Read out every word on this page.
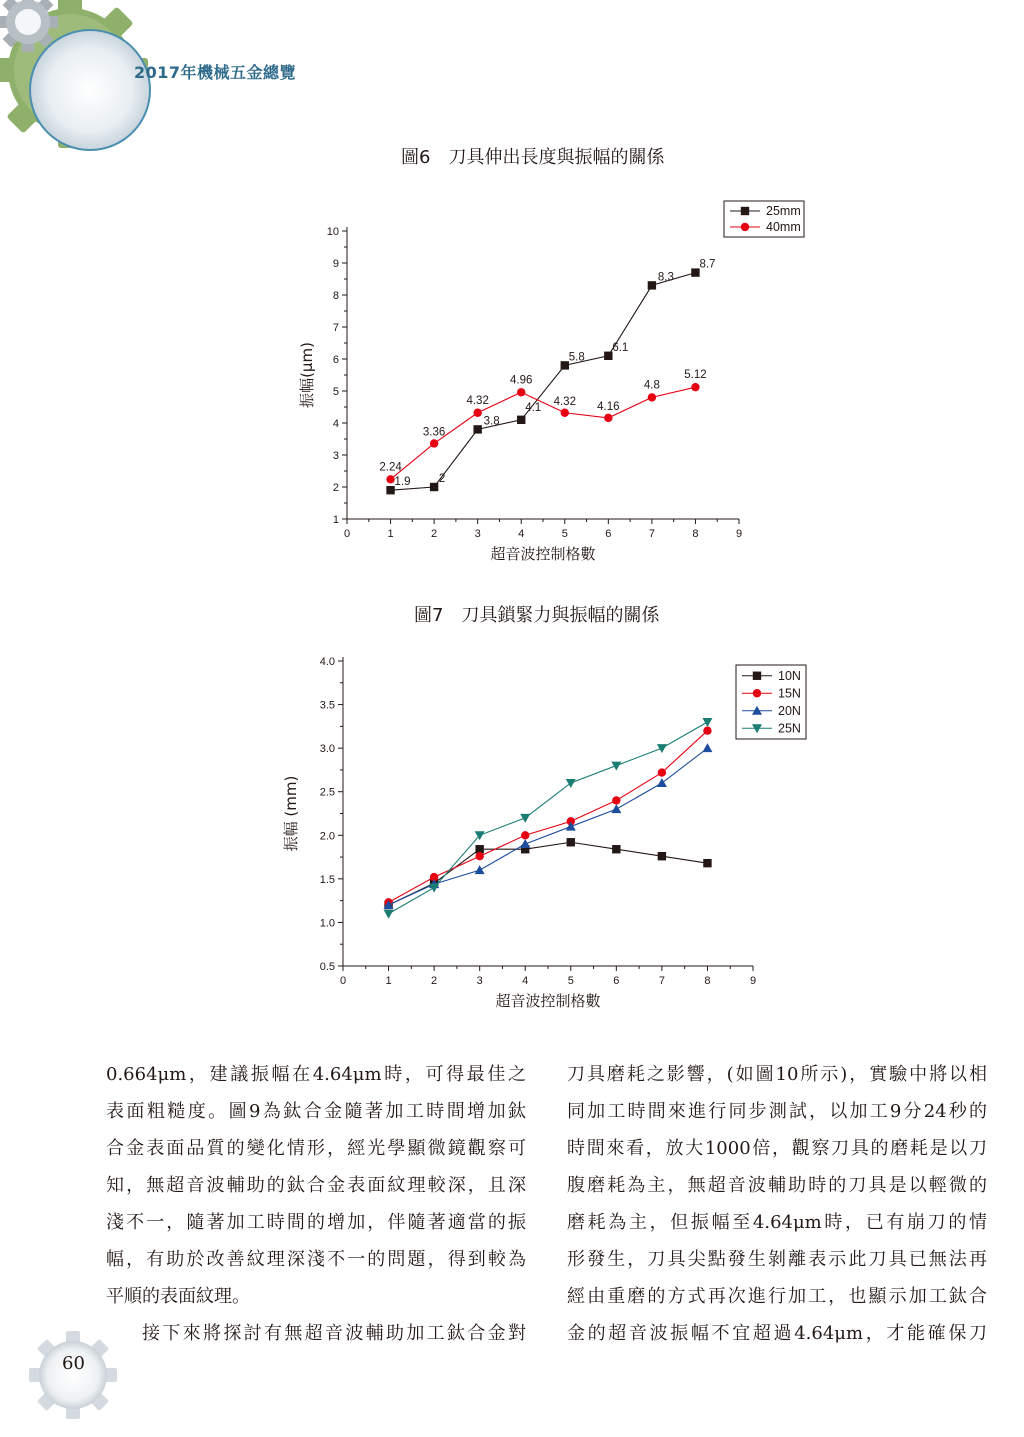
2017年機械五金總覽
圖6 刀具伸出長度與振幅的關係
0	1	2	3	4	5	6	7	8	9
1
2
3
4
5
6
7
8
9
10
超音波控制格數
振幅(μm)
1.9 2
3.8
4.1
5.8
6.1
8.3
8.7
2.24
3.36
4.32
4.96
4.32 4.16
4.8
5.12
25mm
40mm
圖7 刀具鎖緊力與振幅的關係
0	1	2	3	4	5	6	7	8	9
0.5
1.0
1.5
2.0
2.5
3.0
3.5
4.0
超音波控制格數
振幅 (mm)
10N
15N
20N
25N

0.664μm，建議振幅在4.64μm時，可得最佳之
表面粗糙度。圖9為鈦合金隨著加工時間增加鈦
合金表面品質的變化情形，經光學顯微鏡觀察可
知，無超音波輔助的鈦合金表面紋理較深，且深
淺不一，隨著加工時間的增加，伴隨著適當的振
幅，有助於改善紋理深淺不一的問題，得到較為
平順的表面紋理。

接下來將探討有無超音波輔助加工鈦合金對

刀具磨耗之影響，(如圖10所示)，實驗中將以相
同加工時間來進行同步測試，以加工9分24秒的
時間來看，放大1000倍，觀察刀具的磨耗是以刀
腹磨耗為主，無超音波輔助時的刀具是以輕微的
磨耗為主，但振幅至4.64μm時，已有崩刀的情
形發生，刀具尖點發生剝離表示此刀具已無法再
經由重磨的方式再次進行加工，也顯示加工鈦合
金的超音波振幅不宜超過4.64μm，才能確保刀

60
